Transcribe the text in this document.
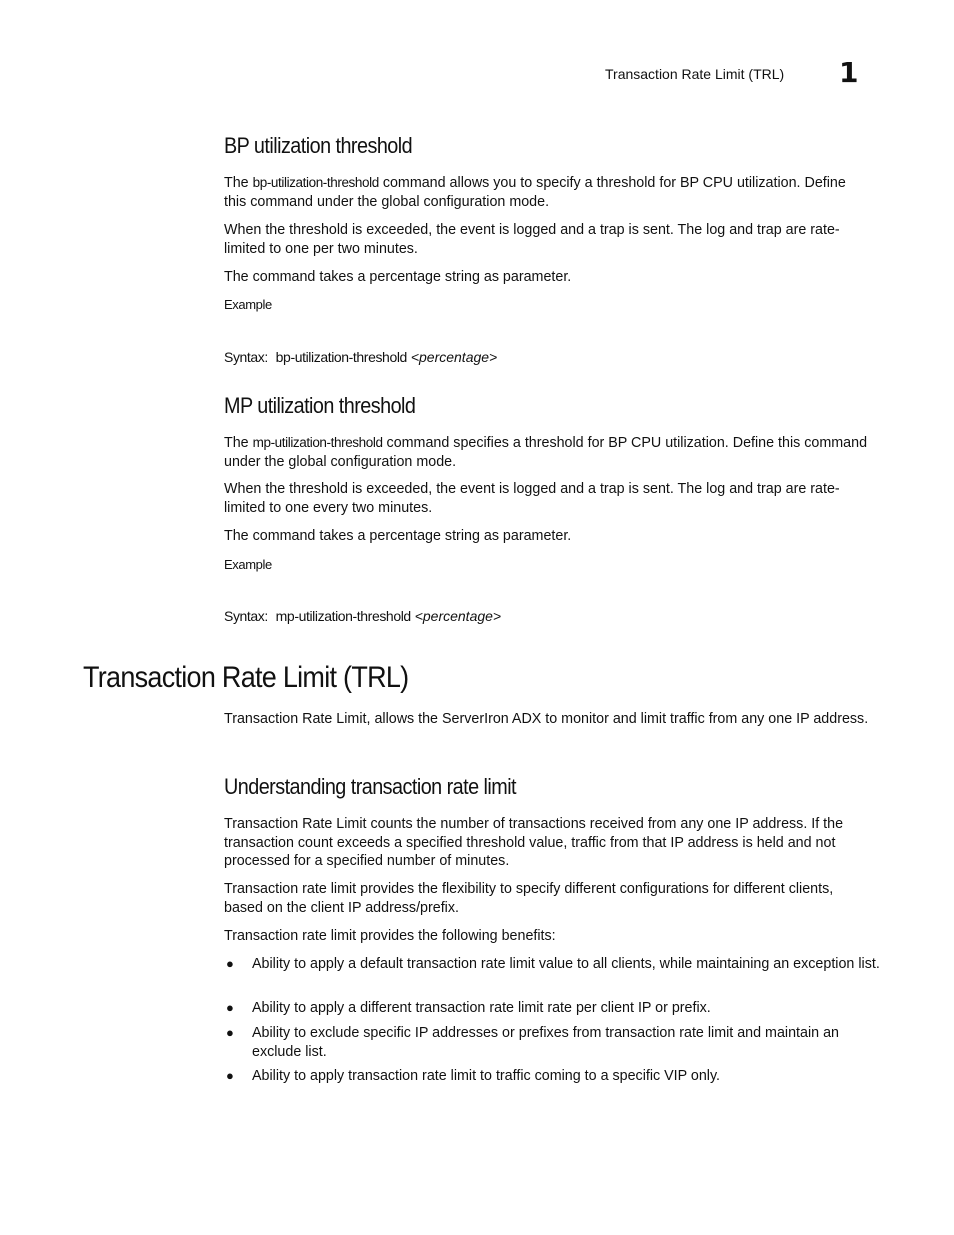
Transaction Rate Limit (TRL) 1
BP utilization threshold
The bp-utilization-threshold command allows you to specify a threshold for BP CPU utilization. Define this command under the global configuration mode.
When the threshold is exceeded, the event is logged and a trap is sent. The log and trap are rate-limited to one per two minutes.
The command takes a percentage string as parameter.
Example
Syntax: bp-utilization-threshold <percentage>
MP utilization threshold
The mp-utilization-threshold command specifies a threshold for BP CPU utilization. Define this command under the global configuration mode.
When the threshold is exceeded, the event is logged and a trap is sent. The log and trap are rate-limited to one every two minutes.
The command takes a percentage string as parameter.
Example
Syntax: mp-utilization-threshold <percentage>
Transaction Rate Limit (TRL)
Transaction Rate Limit, allows the ServerIron ADX to monitor and limit traffic from any one IP address.
Understanding transaction rate limit
Transaction Rate Limit counts the number of transactions received from any one IP address. If the transaction count exceeds a specified threshold value, traffic from that IP address is held and not processed for a specified number of minutes.
Transaction rate limit provides the flexibility to specify different configurations for different clients, based on the client IP address/prefix.
Transaction rate limit provides the following benefits:
● Ability to apply a default transaction rate limit value to all clients, while maintaining an exception list.
● Ability to apply a different transaction rate limit rate per client IP or prefix.
● Ability to exclude specific IP addresses or prefixes from transaction rate limit and maintain an exclude list.
● Ability to apply transaction rate limit to traffic coming to a specific VIP only.
